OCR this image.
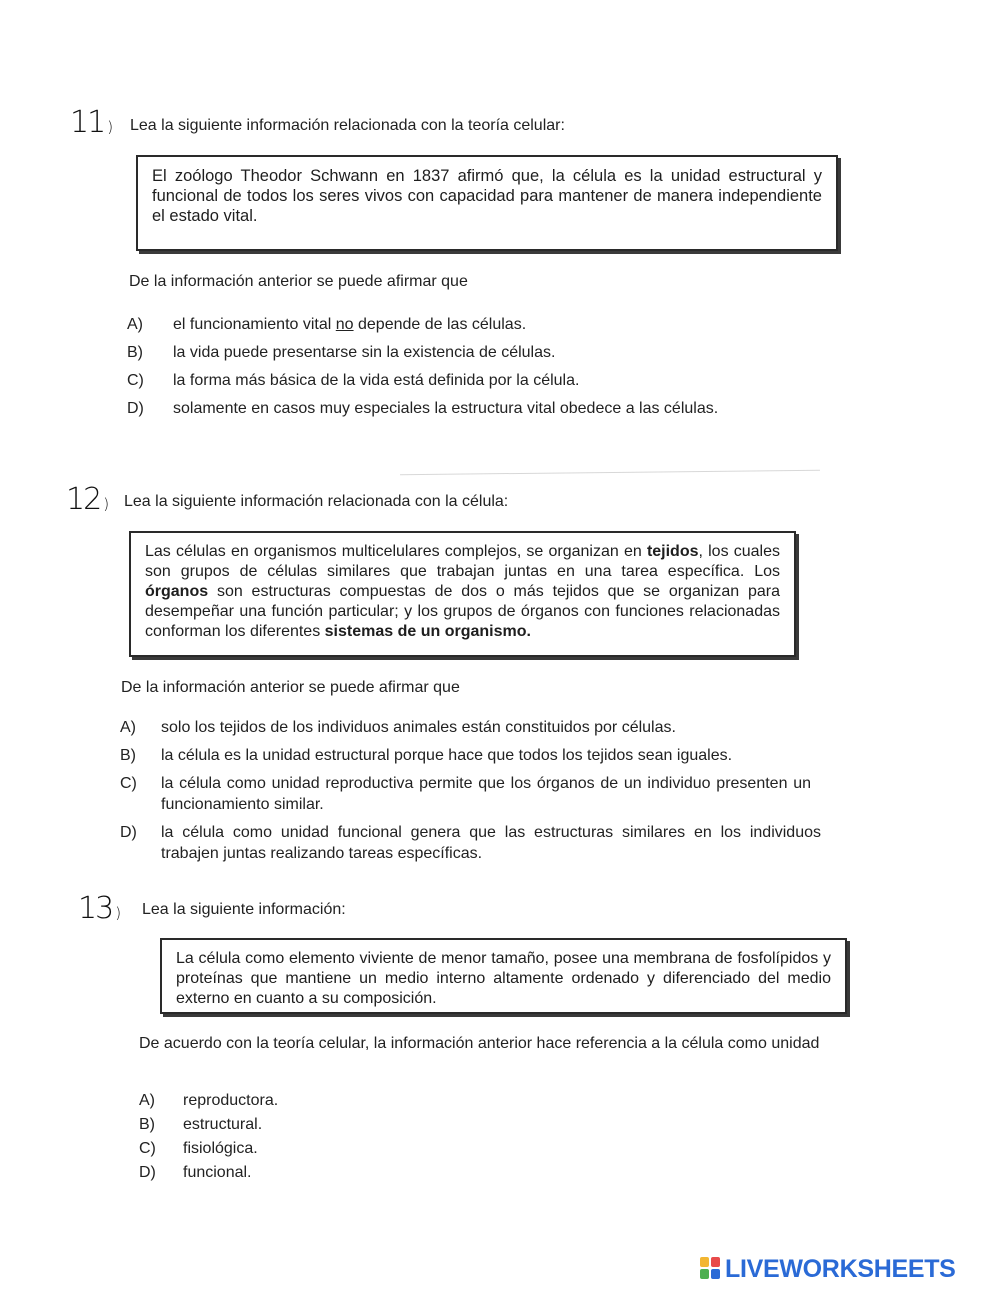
11 ) Lea la siguiente información relacionada con la teoría celular:
El zoólogo Theodor Schwann en 1837 afirmó que, la célula es la unidad estructural y funcional de todos los seres vivos con capacidad para mantener de manera independiente el estado vital.
De la información anterior se puede afirmar que
A) el funcionamiento vital no depende de las células.
B) la vida puede presentarse sin la existencia de células.
C) la forma más básica de la vida está definida por la célula.
D) solamente en casos muy especiales la estructura vital obedece a las células.
12 ) Lea la siguiente información relacionada con la célula:
Las células en organismos multicelulares complejos, se organizan en tejidos, los cuales son grupos de células similares que trabajan juntas en una tarea específica. Los órganos son estructuras compuestas de dos o más tejidos que se organizan para desempeñar una función particular; y los grupos de órganos con funciones relacionadas conforman los diferentes sistemas de un organismo.
De la información anterior se puede afirmar que
A) solo los tejidos de los individuos animales están constituidos por células.
B) la célula es la unidad estructural porque hace que todos los tejidos sean iguales.
C) la célula como unidad reproductiva permite que los órganos de un individuo presenten un funcionamiento similar.
D) la célula como unidad funcional genera que las estructuras similares en los individuos trabajen juntas realizando tareas específicas.
13 ) Lea la siguiente información:
La célula como elemento viviente de menor tamaño, posee una membrana de fosfolípidos y proteínas que mantiene un medio interno altamente ordenado y diferenciado del medio externo en cuanto a su composición.
De acuerdo con la teoría celular, la información anterior hace referencia a la célula como unidad
A) reproductora.
B) estructural.
C) fisiológica.
D) funcional.
LIVEWORKSHEETS
